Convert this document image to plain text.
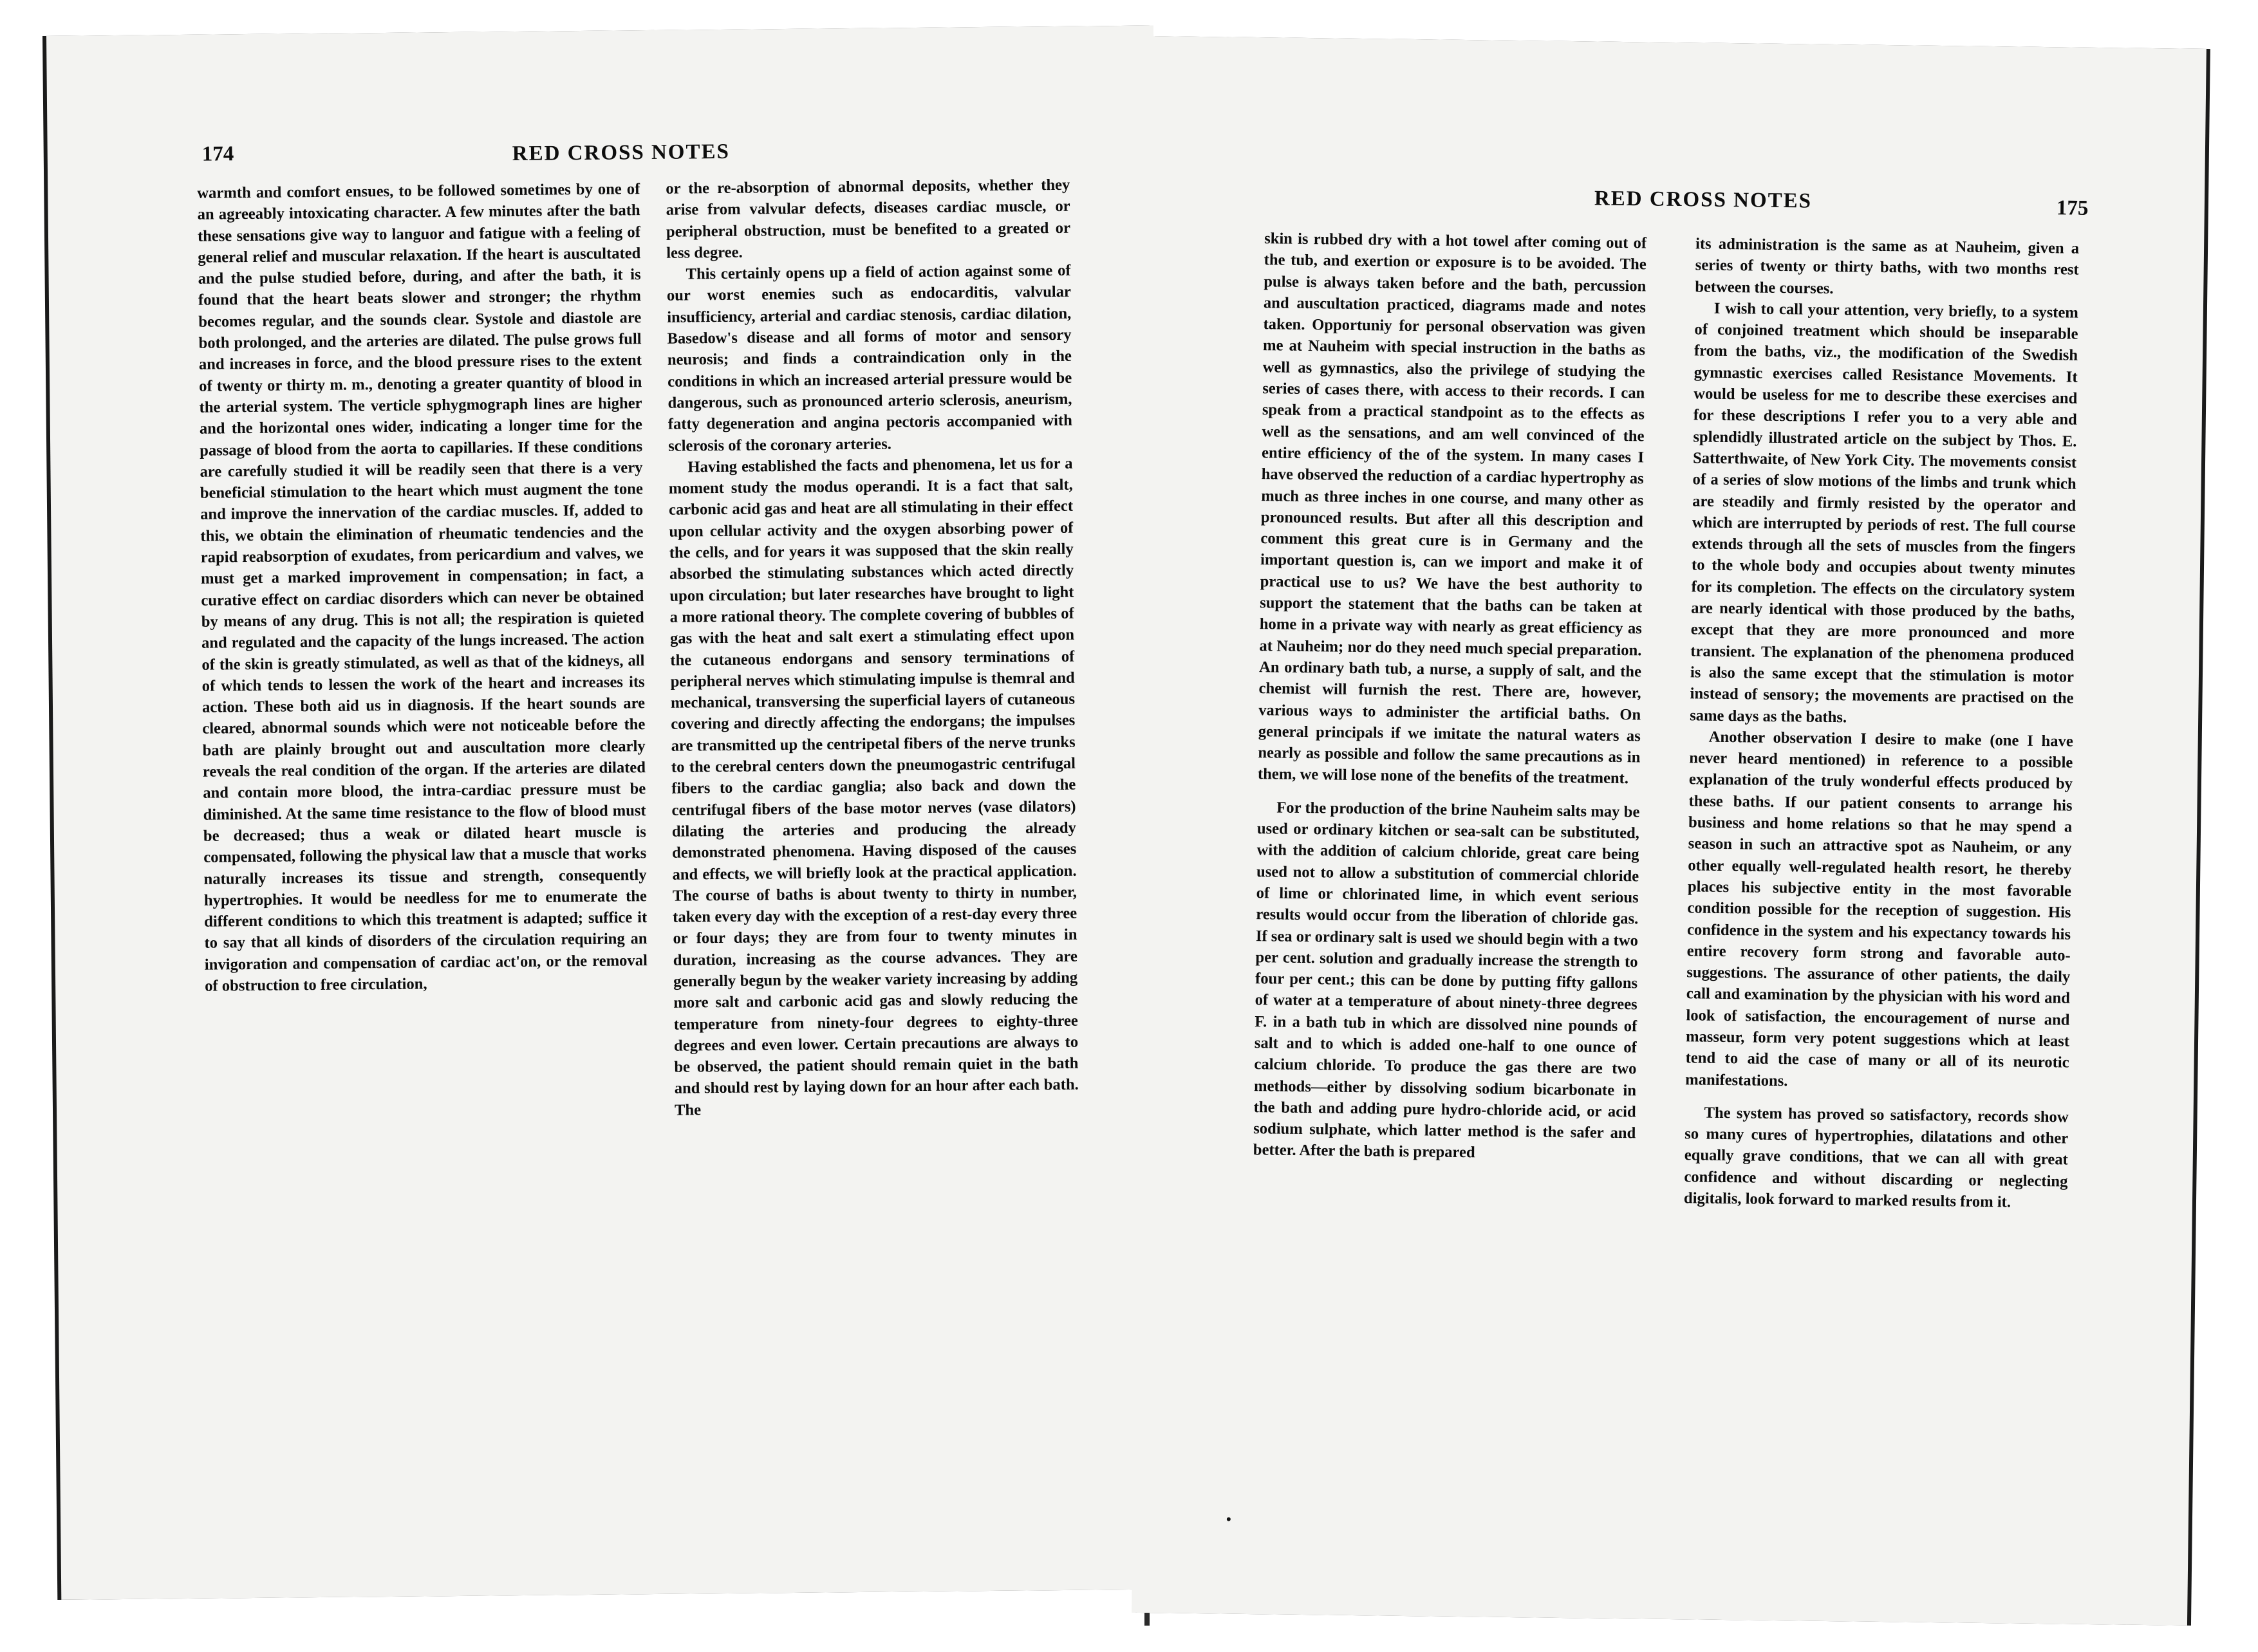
174	RED CROSS NOTES

warmth and comfort ensues, to be followed sometimes by one of an agreeably intoxicating character. A few minutes after the bath these sensations give way to languor and fatigue with a feeling of general relief and muscular relaxation. If the heart is auscultated and the pulse studied before, during, and after the bath, it is found that the heart beats slower and stronger; the rhythm becomes regular, and the sounds clear. Systole and diastole are both prolonged, and the arteries are dilated. The pulse grows full and increases in force, and the blood pressure rises to the extent of twenty or thirty m. m., denoting a greater quantity of blood in the arterial system. The verticle sphygmograph lines are higher and the horizontal ones wider, indicating a longer time for the passage of blood from the aorta to capillaries. If these conditions are carefully studied it will be readily seen that there is a very beneficial stimulation to the heart which must augment the tone and improve the innervation of the cardiac muscles. If, added to this, we obtain the elimination of rheumatic tendencies and the rapid reabsorption of exudates, from pericardium and valves, we must get a marked improvement in compensation; in fact, a curative effect on cardiac disorders which can never be obtained by means of any drug. This is not all; the respiration is quieted and regulated and the capacity of the lungs increased. The action of the skin is greatly stimulated, as well as that of the kidneys, all of which tends to lessen the work of the heart and increases its action. These both aid us in diagnosis. If the heart sounds are cleared, abnormal sounds which were not noticeable before the bath are plainly brought out and auscultation more clearly reveals the real condition of the organ. If the arteries are dilated and contain more blood, the intra-cardiac pressure must be diminished. At the same time resistance to the flow of blood must be decreased; thus a weak or dilated heart muscle is compensated, following the physical law that a muscle that works naturally increases its tissue and strength, consequently hypertrophies. It would be needless for me to enumerate the different conditions to which this treatment is adapted; suffice it to say that all kinds of disorders of the circulation requiring an invigoration and compensation of cardiac act'on, or the removal of obstruction to free circulation,

or the re-absorption of abnormal deposits, whether they arise from valvular defects, diseases cardiac muscle, or peripheral obstruction, must be benefited to a greated or less degree.

This certainly opens up a field of action against some of our worst enemies such as endocarditis, valvular insufficiency, arterial and cardiac stenosis, cardiac dilation, Basedow's disease and all forms of motor and sensory neurosis; and finds a contraindication only in the conditions in which an increased arterial pressure would be dangerous, such as pronounced arterio sclerosis, aneurism, fatty degeneration and angina pectoris accompanied with sclerosis of the coronary arteries.

Having established the facts and phenomena, let us for a moment study the modus operandi. It is a fact that salt, carbonic acid gas and heat are all stimulating in their effect upon cellular activity and the oxygen absorbing power of the cells, and for years it was supposed that the skin really absorbed the stimulating substances which acted directly upon circulation; but later researches have brought to light a more rational theory. The complete covering of bubbles of gas with the heat and salt exert a stimulating effect upon the cutaneous endorgans and sensory terminations of peripheral nerves which stimulating impulse is themral and mechanical, transversing the superficial layers of cutaneous covering and directly affecting the endorgans; the impulses are transmitted up the centripetal fibers of the nerve trunks to the cerebral centers down the pneumogastric centrifugal fibers to the cardiac ganglia; also back and down the centrifugal fibers of the base motor nerves (vase dilators) dilating the arteries and producing the already demonstrated phenomena. Having disposed of the causes and effects, we will briefly look at the practical application. The course of baths is about twenty to thirty in number, taken every day with the exception of a rest-day every three or four days; they are from four to twenty minutes in duration, increasing as the course advances. They are generally begun by the weaker variety increasing by adding more salt and carbonic acid gas and slowly reducing the temperature from ninety-four degrees to eighty-three degrees and even lower. Certain precautions are always to be observed, the patient should remain quiet in the bath and should rest by laying down for an hour after each bath. The

RED CROSS NOTES	175

skin is rubbed dry with a hot towel after coming out of the tub, and exertion or exposure is to be avoided. The pulse is always taken before and the bath, percussion and auscultation practiced, diagrams made and notes taken. Opportuniy for personal observation was given me at Nauheim with special instruction in the baths as well as gymnastics, also the privilege of studying the series of cases there, with access to their records. I can speak from a practical standpoint as to the effects as well as the sensations, and am well convinced of the entire efficiency of the of the system. In many cases I have observed the reduction of a cardiac hypertrophy as much as three inches in one course, and many other as pronounced results. But after all this description and comment this great cure is in Germany and the important question is, can we import and make it of practical use to us? We have the best authority to support the statement that the baths can be taken at home in a private way with nearly as great efficiency as at Nauheim; nor do they need much special preparation. An ordinary bath tub, a nurse, a supply of salt, and the chemist will furnish the rest. There are, however, various ways to administer the artificial baths. On general principals if we imitate the natural waters as nearly as possible and follow the same precautions as in them, we will lose none of the benefits of the treatment.

For the production of the brine Nauheim salts may be used or ordinary kitchen or sea-salt can be substituted, with the addition of calcium chloride, great care being used not to allow a substitution of commercial chloride of lime or chlorinated lime, in which event serious results would occur from the liberation of chloride gas. If sea or ordinary salt is used we should begin with a two per cent. solution and gradually increase the strength to four per cent.; this can be done by putting fifty gallons of water at a temperature of about ninety-three degrees F. in a bath tub in which are dissolved nine pounds of salt and to which is added one-half to one ounce of calcium chloride. To produce the gas there are two methods—either by dissolving sodium bicarbonate in the bath and adding pure hydro-chloride acid, or acid sodium sulphate, which latter method is the safer and better. After the bath is prepared

its administration is the same as at Nauheim, given a series of twenty or thirty baths, with two months rest between the courses.

I wish to call your attention, very briefly, to a system of conjoined treatment which should be inseparable from the baths, viz., the modification of the Swedish gymnastic exercises called Resistance Movements. It would be useless for me to describe these exercises and for these descriptions I refer you to a very able and splendidly illustrated article on the subject by Thos. E. Satterthwaite, of New York City. The movements consist of a series of slow motions of the limbs and trunk which are steadily and firmly resisted by the operator and which are interrupted by periods of rest. The full course extends through all the sets of muscles from the fingers to the whole body and occupies about twenty minutes for its completion. The effects on the circulatory system are nearly identical with those produced by the baths, except that they are more pronounced and more transient. The explanation of the phenomena produced is also the same except that the stimulation is motor instead of sensory; the movements are practised on the same days as the baths.

Another observation I desire to make (one I have never heard mentioned) in reference to a possible explanation of the truly wonderful effects produced by these baths. If our patient consents to arrange his business and home relations so that he may spend a season in such an attractive spot as Nauheim, or any other equally well-regulated health resort, he thereby places his subjective entity in the most favorable condition possible for the reception of suggestion. His confidence in the system and his expectancy towards his entire recovery form strong and favorable auto-suggestions. The assurance of other patients, the daily call and examination by the physician with his word and look of satisfaction, the encouragement of nurse and masseur, form very potent suggestions which at least tend to aid the case of many or all of its neurotic manifestations.

The system has proved so satisfactory, records show so many cures of hypertrophies, dilatations and other equally grave conditions, that we can all with great confidence and without discarding or neglecting digitalis, look forward to marked results from it.
